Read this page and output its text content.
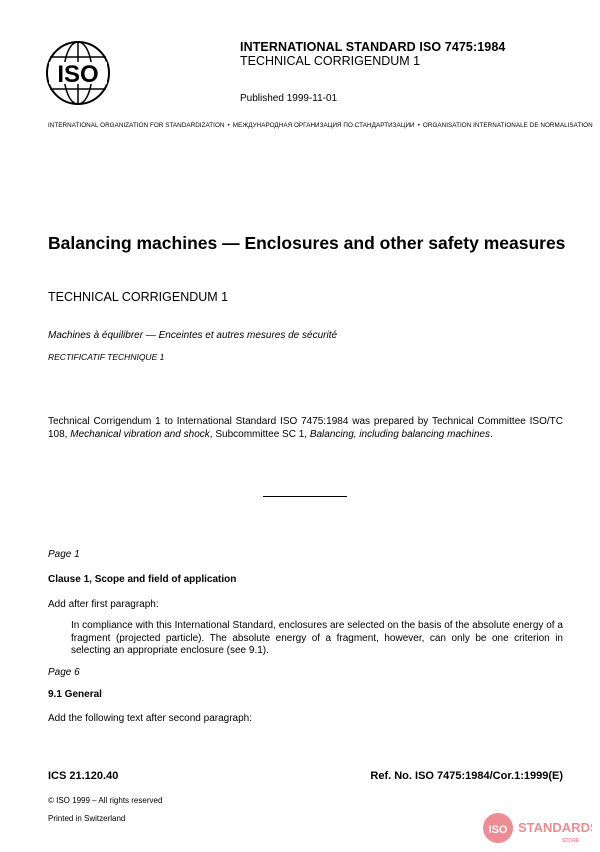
ISO
INTERNATIONAL STANDARD ISO 7475:1984
TECHNICAL CORRIGENDUM 1
Published 1999-11-01
INTERNATIONAL ORGANIZATION FOR STANDARDIZATION • МЕЖДУНАРОДНАЯ ОРГАНИЗАЦИЯ ПО СТАНДАРТИЗАЦИИ • ORGANISATION INTERNATIONALE DE NORMALISATION
Balancing machines — Enclosures and other safety measures
TECHNICAL CORRIGENDUM 1
Machines à équilibrer — Enceintes et autres mesures de sécurité
RECTIFICATIF TECHNIQUE 1
Technical Corrigendum 1 to International Standard ISO 7475:1984 was prepared by Technical Committee ISO/TC 108, Mechanical vibration and shock, Subcommittee SC 1, Balancing, including balancing machines.
Page 1
Clause 1, Scope and field of application
Add after first paragraph:
In compliance with this International Standard, enclosures are selected on the basis of the absolute energy of a fragment (projected particle). The absolute energy of a fragment, however, can only be one criterion in selecting an appropriate enclosure (see 9.1).
Page 6
9.1 General
Add the following text after second paragraph:
ICS 21.120.40	Ref. No. ISO 7475:1984/Cor.1:1999(E)
© ISO 1999 – All rights reserved
Printed in Switzerland
ISO STANDARDS
STORE
